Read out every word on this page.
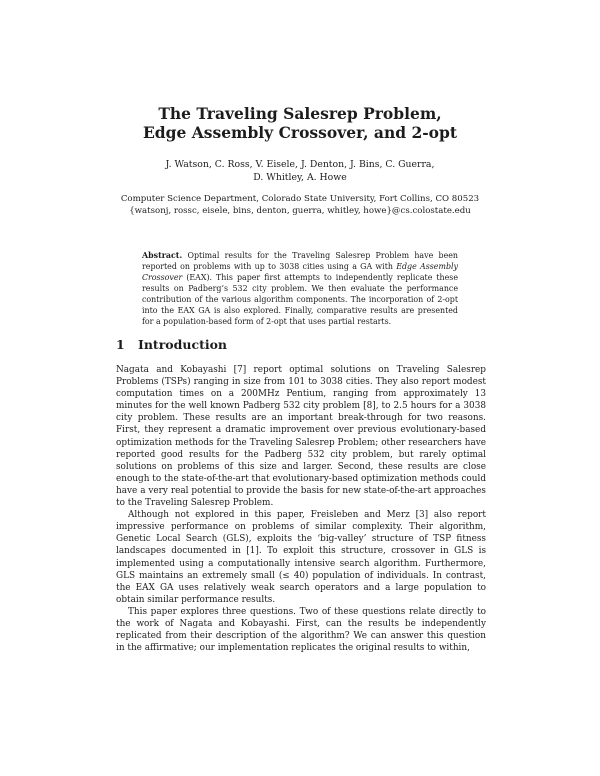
The Traveling Salesrep Problem,
Edge Assembly Crossover, and 2-opt
J. Watson, C. Ross, V. Eisele, J. Denton, J. Bins, C. Guerra,
D. Whitley, A. Howe
Computer Science Department, Colorado State University, Fort Collins, CO 80523
{watsonj, rossc, eisele, bins, denton, guerra, whitley, howe}@cs.colostate.edu
Abstract. Optimal results for the Traveling Salesrep Problem have been reported on problems with up to 3038 cities using a GA with Edge Assembly Crossover (EAX). This paper first attempts to independently replicate these results on Padberg’s 532 city problem. We then evaluate the performance contribution of the various algorithm components. The incorporation of 2-opt into the EAX GA is also explored. Finally, comparative results are presented for a population-based form of 2-opt that uses partial restarts.
1 Introduction

Nagata and Kobayashi [7] report optimal solutions on Traveling Salesrep Problems (TSPs) ranging in size from 101 to 3038 cities. They also report modest computation times on a 200MHz Pentium, ranging from approximately 13 minutes for the well known Padberg 532 city problem [8], to 2.5 hours for a 3038 city problem. These results are an important break-through for two reasons. First, they represent a dramatic improvement over previous evolutionary-based optimization methods for the Traveling Salesrep Problem; other researchers have reported good results for the Padberg 532 city problem, but rarely optimal solutions on problems of this size and larger. Second, these results are close enough to the state-of-the-art that evolutionary-based optimization methods could have a very real potential to provide the basis for new state-of-the-art approaches to the Traveling Salesrep Problem.

Although not explored in this paper, Freisleben and Merz [3] also report impressive performance on problems of similar complexity. Their algorithm, Genetic Local Search (GLS), exploits the ‘big-valley’ structure of TSP fitness landscapes documented in [1]. To exploit this structure, crossover in GLS is implemented using a computationally intensive search algorithm. Furthermore, GLS maintains an extremely small (≤ 40) population of individuals. In contrast, the EAX GA uses relatively weak search operators and a large population to obtain similar performance results.

This paper explores three questions. Two of these questions relate directly to the work of Nagata and Kobayashi. First, can the results be independently replicated from their description of the algorithm? We can answer this question in the affirmative; our implementation replicates the original results to within,
